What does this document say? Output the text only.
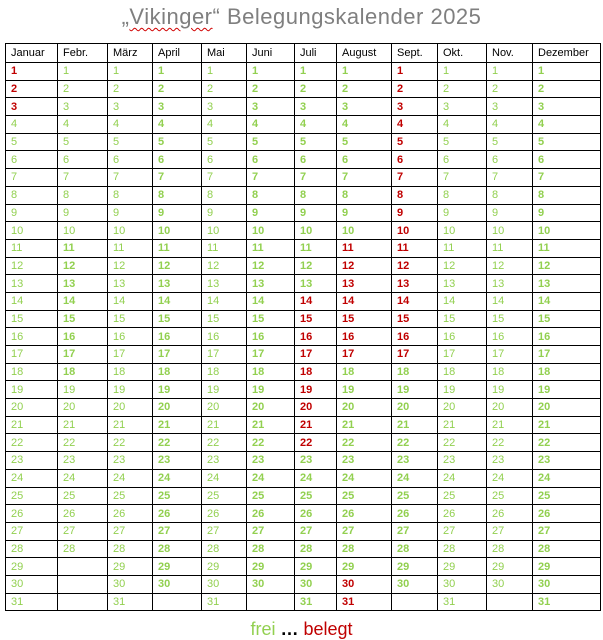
„Vikinger“ Belegungskalender 2025
Januar	Febr.	März	April	Mai	Juni	Juli	August	Sept.	Okt.	Nov.	Dezember
1	1	1	1	1	1	1	1	1	1	1	1
2	2	2	2	2	2	2	2	2	2	2	2
3	3	3	3	3	3	3	3	3	3	3	3
4	4	4	4	4	4	4	4	4	4	4	4
5	5	5	5	5	5	5	5	5	5	5	5
6	6	6	6	6	6	6	6	6	6	6	6
7	7	7	7	7	7	7	7	7	7	7	7
8	8	8	8	8	8	8	8	8	8	8	8
9	9	9	9	9	9	9	9	9	9	9	9
10	10	10	10	10	10	10	10	10	10	10	10
11	11	11	11	11	11	11	11	11	11	11	11
12	12	12	12	12	12	12	12	12	12	12	12
13	13	13	13	13	13	13	13	13	13	13	13
14	14	14	14	14	14	14	14	14	14	14	14
15	15	15	15	15	15	15	15	15	15	15	15
16	16	16	16	16	16	16	16	16	16	16	16
17	17	17	17	17	17	17	17	17	17	17	17
18	18	18	18	18	18	18	18	18	18	18	18
19	19	19	19	19	19	19	19	19	19	19	19
20	20	20	20	20	20	20	20	20	20	20	20
21	21	21	21	21	21	21	21	21	21	21	21
22	22	22	22	22	22	22	22	22	22	22	22
23	23	23	23	23	23	23	23	23	23	23	23
24	24	24	24	24	24	24	24	24	24	24	24
25	25	25	25	25	25	25	25	25	25	25	25
26	26	26	26	26	26	26	26	26	26	26	26
27	27	27	27	27	27	27	27	27	27	27	27
28	28	28	28	28	28	28	28	28	28	28	28
29		29	29	29	29	29	29	29	29	29	29
30		30	30	30	30	30	30	30	30	30	30
31		31		31		31	31		31		31
frei … belegt
